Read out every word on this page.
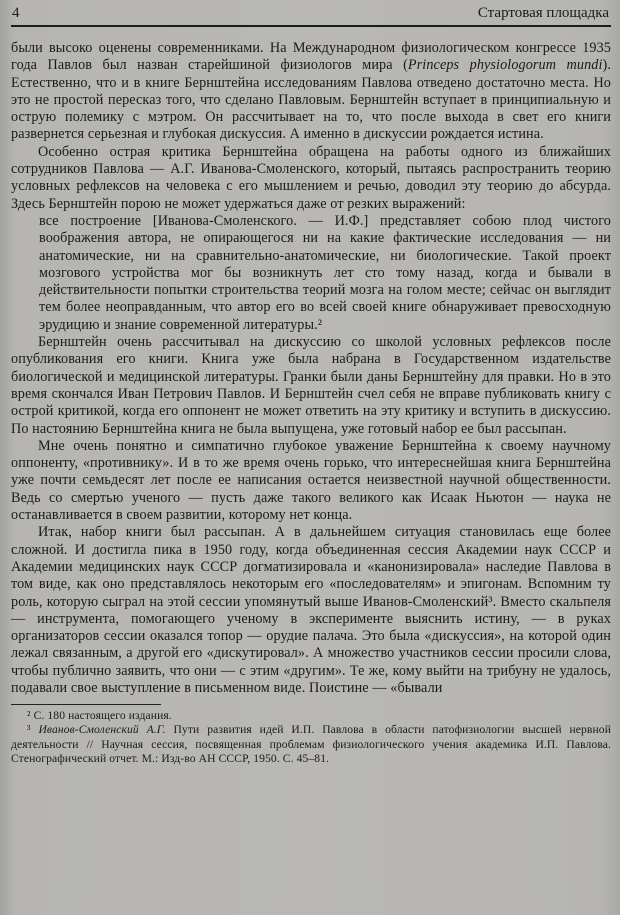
4	Стартовая площадка

были высоко оценены современниками. На Международном физиологическом конгрессе 1935 года Павлов был назван старейшиной физиологов мира (Princeps physiologorum mundi). Естественно, что и в книге Бернштейна исследованиям Павлова отведено достаточно места. Но это не простой пересказ того, что сделано Павловым. Бернштейн вступает в принципиальную и острую полемику с мэтром. Он рассчитывает на то, что после выхода в свет его книги развернется серьезная и глубокая дискуссия. А именно в дискуссии рождается истина.

Особенно острая критика Бернштейна обращена на работы одного из ближайших сотрудников Павлова — А.Г. Иванова-Смоленского, который, пытаясь распространить теорию условных рефлексов на человека с его мышлением и речью, доводил эту теорию до абсурда. Здесь Бернштейн порою не может удержаться даже от резких выражений:

все построение [Иванова-Смоленского. — И.Ф.] представляет собою плод чистого воображения автора, не опирающегося ни на какие фактические исследования — ни анатомические, ни на сравнительно-анатомические, ни биологические. Такой проект мозгового устройства мог бы возникнуть лет сто тому назад, когда и бывали в действительности попытки строительства теорий мозга на голом месте; сейчас он выглядит тем более неоправданным, что автор его во всей своей книге обнаруживает превосходную эрудицию и знание современной литературы.²

Бернштейн очень рассчитывал на дискуссию со школой условных рефлексов после опубликования его книги. Книга уже была набрана в Государственном издательстве биологической и медицинской литературы. Гранки были даны Бернштейну для правки. Но в это время скончался Иван Петрович Павлов. И Бернштейн счел себя не вправе публиковать книгу с острой критикой, когда его оппонент не может ответить на эту критику и вступить в дискуссию. По настоянию Бернштейна книга не была выпущена, уже готовый набор ее был рассыпан.

Мне очень понятно и симпатично глубокое уважение Бернштейна к своему научному оппоненту, «противнику». И в то же время очень горько, что интереснейшая книга Бернштейна уже почти семьдесят лет после ее написания остается неизвестной научной общественности. Ведь со смертью ученого — пусть даже такого великого как Исаак Ньютон — наука не останавливается в своем развитии, которому нет конца.

Итак, набор книги был рассыпан. А в дальнейшем ситуация становилась еще более сложной. И достигла пика в 1950 году, когда объединенная сессия Академии наук СССР и Академии медицинских наук СССР догматизировала и «канонизировала» наследие Павлова в том виде, как оно представлялось некоторым его «последователям» и эпигонам. Вспомним ту роль, которую сыграл на этой сессии упомянутый выше Иванов-Смоленский³. Вместо скальпеля — инструмента, помогающего ученому в эксперименте выяснить истину, — в руках организаторов сессии оказался топор — орудие палача. Это была «дискуссия», на которой один лежал связанным, а другой его «дискутировал». А множество участников сессии просили слова, чтобы публично заявить, что они — с этим «другим». Те же, кому выйти на трибуну не удалось, подавали свое выступление в письменном виде. Поистине — «бывали

² С. 180 настоящего издания.

³ Иванов-Смоленский А.Г. Пути развития идей И.П. Павлова в области патофизиологии высшей нервной деятельности // Научная сессия, посвященная проблемам физиологического учения академика И.П. Павлова. Стенографический отчет. М.: Изд-во АН СССР, 1950. С. 45–81.
